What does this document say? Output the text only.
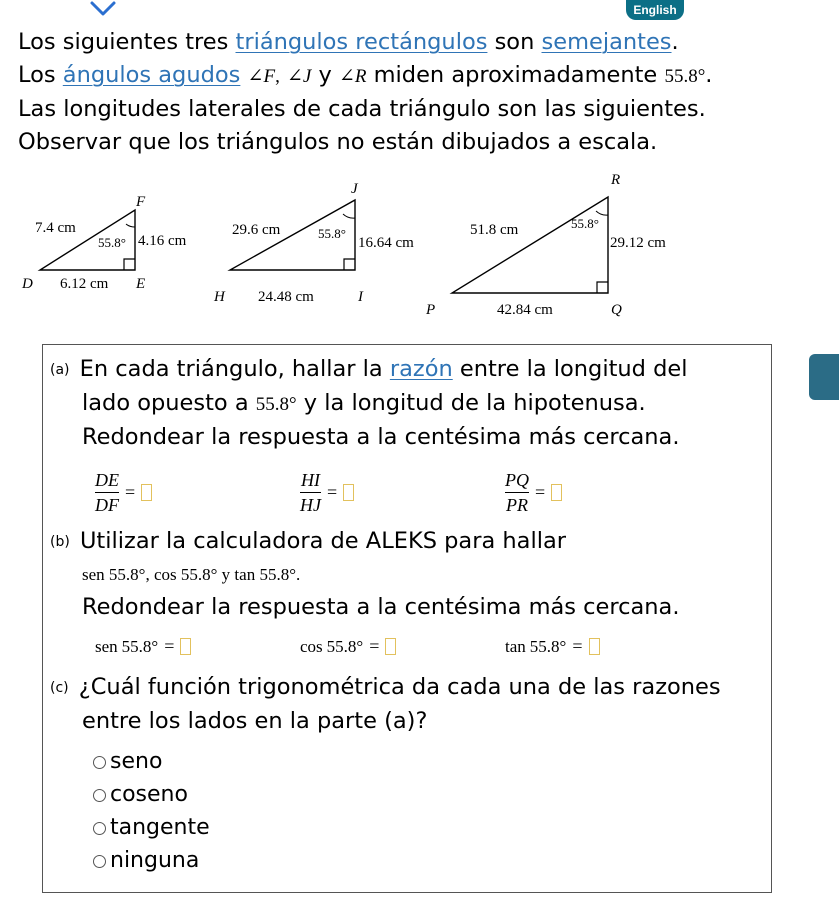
English
Los siguientes tres triángulos rectángulos son semejantes.
Los ángulos agudos ∠F, ∠J y ∠R miden aproximadamente 55.8°.
Las longitudes laterales de cada triángulo son las siguientes.
Observar que los triángulos no están dibujados a escala.
D	E
F
7.4 cm
4.16 cm
6.12 cm
55.8°
H	I
J
29.6 cm
16.64 cm
24.48 cm
55.8°
P	Q
R
51.8 cm
29.12 cm
42.84 cm
55.8°
(a) En cada triángulo, hallar la razón entre la longitud del
lado opuesto a 55.8° y la longitud de la hipotenusa.
Redondear la respuesta a la centésima más cercana.
$\frac{DE}{DF}$ =	$\frac{HI}{HJ}$ =	$\frac{PQ}{PR}$ =
(b) Utilizar la calculadora de ALEKS para hallar
sen 55.8°, cos 55.8° y tan 55.8°.
Redondear la respuesta a la centésima más cercana.
sen 55.8° =	cos 55.8° =	tan 55.8° =
(c) ¿Cuál función trigonométrica da cada una de las razones
entre los lados en la parte (a)?
seno
coseno
tangente
ninguna
